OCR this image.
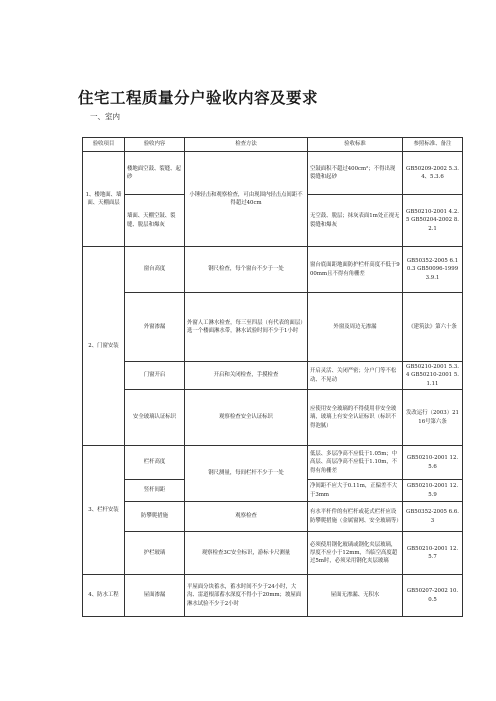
住宅工程质量分户验收内容及要求
一、室内
验收项目	验收内容	检查方法	验收标准	参照标准、备注
1、楼地面、墙面、天棚面层	楼地面空鼓、裂缝、起砂	小锤轻击和观察检查，可由现围内轻击点间距不得超过40cm	空鼓面积不超过400cm²；不得出现裂缝和起砂	GB50209-2002 5.3.4、5.3.6
	墙面、天棚空鼓、裂缝、脱层和爆灰		无空鼓、脱层；抹灰表面1m处正视无裂缝和爆灰	GB50210-2001 4.2.5 GB50204-2002 8.2.1
2、门窗安装	窗台高度	钢尺检查，每个窗台不少于一处	窗台底面距地面防护栏杆高度不低于900mm且不得有角栅差	GB50352-2005 6.10.3 GB50096-1999 3.9.1
	外窗渗漏	外窗人工淋水检查，每三至四层（有代表的面层）选一个楼面淋水带，淋水试验时间不少于1小时	外窗及周边无渗漏	《建筑法》第六十条
	门窗开启	开启和关闭检查，手摸检查	开启灵活、关闭严密；分户门等不松动、不晃动	GB50210-2001 5.3.4 GB50210-2001 5.1.11
	安全玻璃认证标识	观察检查安全认证标识	应使用安全玻璃的不得使用非安全玻璃，玻璃上有安全认证标识（标识不得泡腻）	发改运行（2003）2116号第六条
3、栏杆安装	栏杆高度	钢尺测量，每间栏杆不少于一处	低层、多层净高不应低于1.05m；中高层、高层净高不应低于1.10m，不得有角栅差	GB50210-2001 12.5.6
	竖杆间距		净间距不应大于0.11m，正偏差不大于3mm	GB50210-2001 12.5.9
	防攀爬措施	观察检查	有水平杆件的有栏杆或花式栏杆应设防攀爬措施（金属窗网、安全玻璃等）	GB50352-2005 6.6.3
	护栏玻璃	观察检查3C安全标识，游标卡尺测量	必须使用钢化玻璃或钢化夹层玻璃，厚度不应小于12mm，当临空高度超过5m时，必须采用钢化夹层玻璃	GB50210-2001 12.5.7
4、防水工程	屋面渗漏	平屋面分块蓄水，蓄水时间不少于24小时，大沟、雷道根部蓄水深度不得小于20mm；坡屋面淋水试验不少于2小时	屋面无渗漏、无积水	GB50207-2002 10.0.5
